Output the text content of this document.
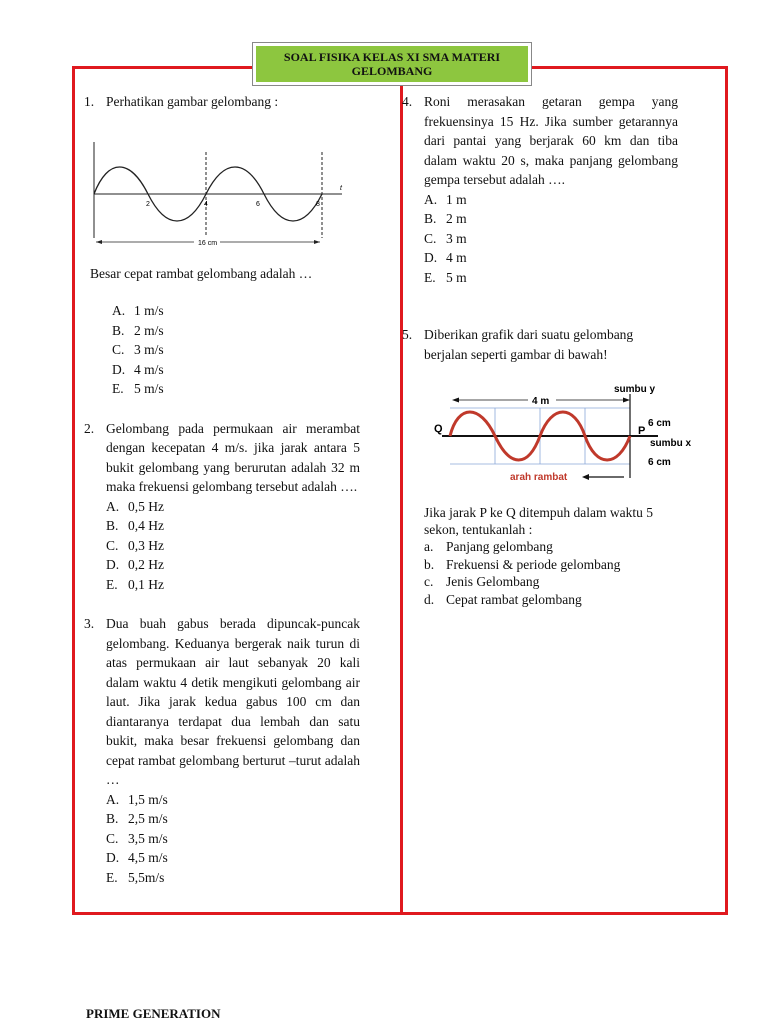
SOAL FISIKA KELAS XI SMA MATERI
GELOMBANG
1. Perhatikan gambar gelombang :
2	4	6	8
t
16 cm
Besar cepat rambat gelombang adalah …
A. 1 m/s
B. 2 m/s
C. 3 m/s
D. 4 m/s
E. 5 m/s
2. Gelombang pada permukaan air merambat dengan kecepatan 4 m/s. jika jarak antara 5 bukit gelombang yang berurutan adalah 32 m maka frekuensi gelombang tersebut adalah ….
A. 0,5 Hz
B. 0,4 Hz
C. 0,3 Hz
D. 0,2 Hz
E. 0,1 Hz
3. Dua buah gabus berada dipuncak-puncak gelombang. Keduanya bergerak naik turun di atas permukaan air laut sebanyak 20 kali dalam waktu 4 detik mengikuti gelombang air laut. Jika jarak kedua gabus 100 cm dan diantaranya terdapat dua lembah dan satu bukit, maka besar frekuensi gelombang dan cepat rambat gelombang berturut –turut adalah …
A. 1,5 m/s
B. 2,5 m/s
C. 3,5 m/s
D. 4,5 m/s
E. 5,5m/s
4. Roni merasakan getaran gempa yang frekuensinya 15 Hz. Jika sumber getarannya dari pantai yang berjarak 60 km dan tiba dalam waktu 20 s, maka panjang gelombang gempa tersebut adalah ….
A. 1 m
B. 2 m
C. 3 m
D. 4 m
E. 5 m
5. Diberikan grafik dari suatu gelombang berjalan seperti gambar di bawah!
4 m
sumbu y
6 cm
6 cm
P
Q
sumbu x
arah rambat
Jika jarak P ke Q ditempuh dalam waktu 5 sekon, tentukanlah :
a. Panjang gelombang
b. Frekuensi & periode gelombang
c. Jenis Gelombang
d. Cepat rambat gelombang
PRIME GENERATION
